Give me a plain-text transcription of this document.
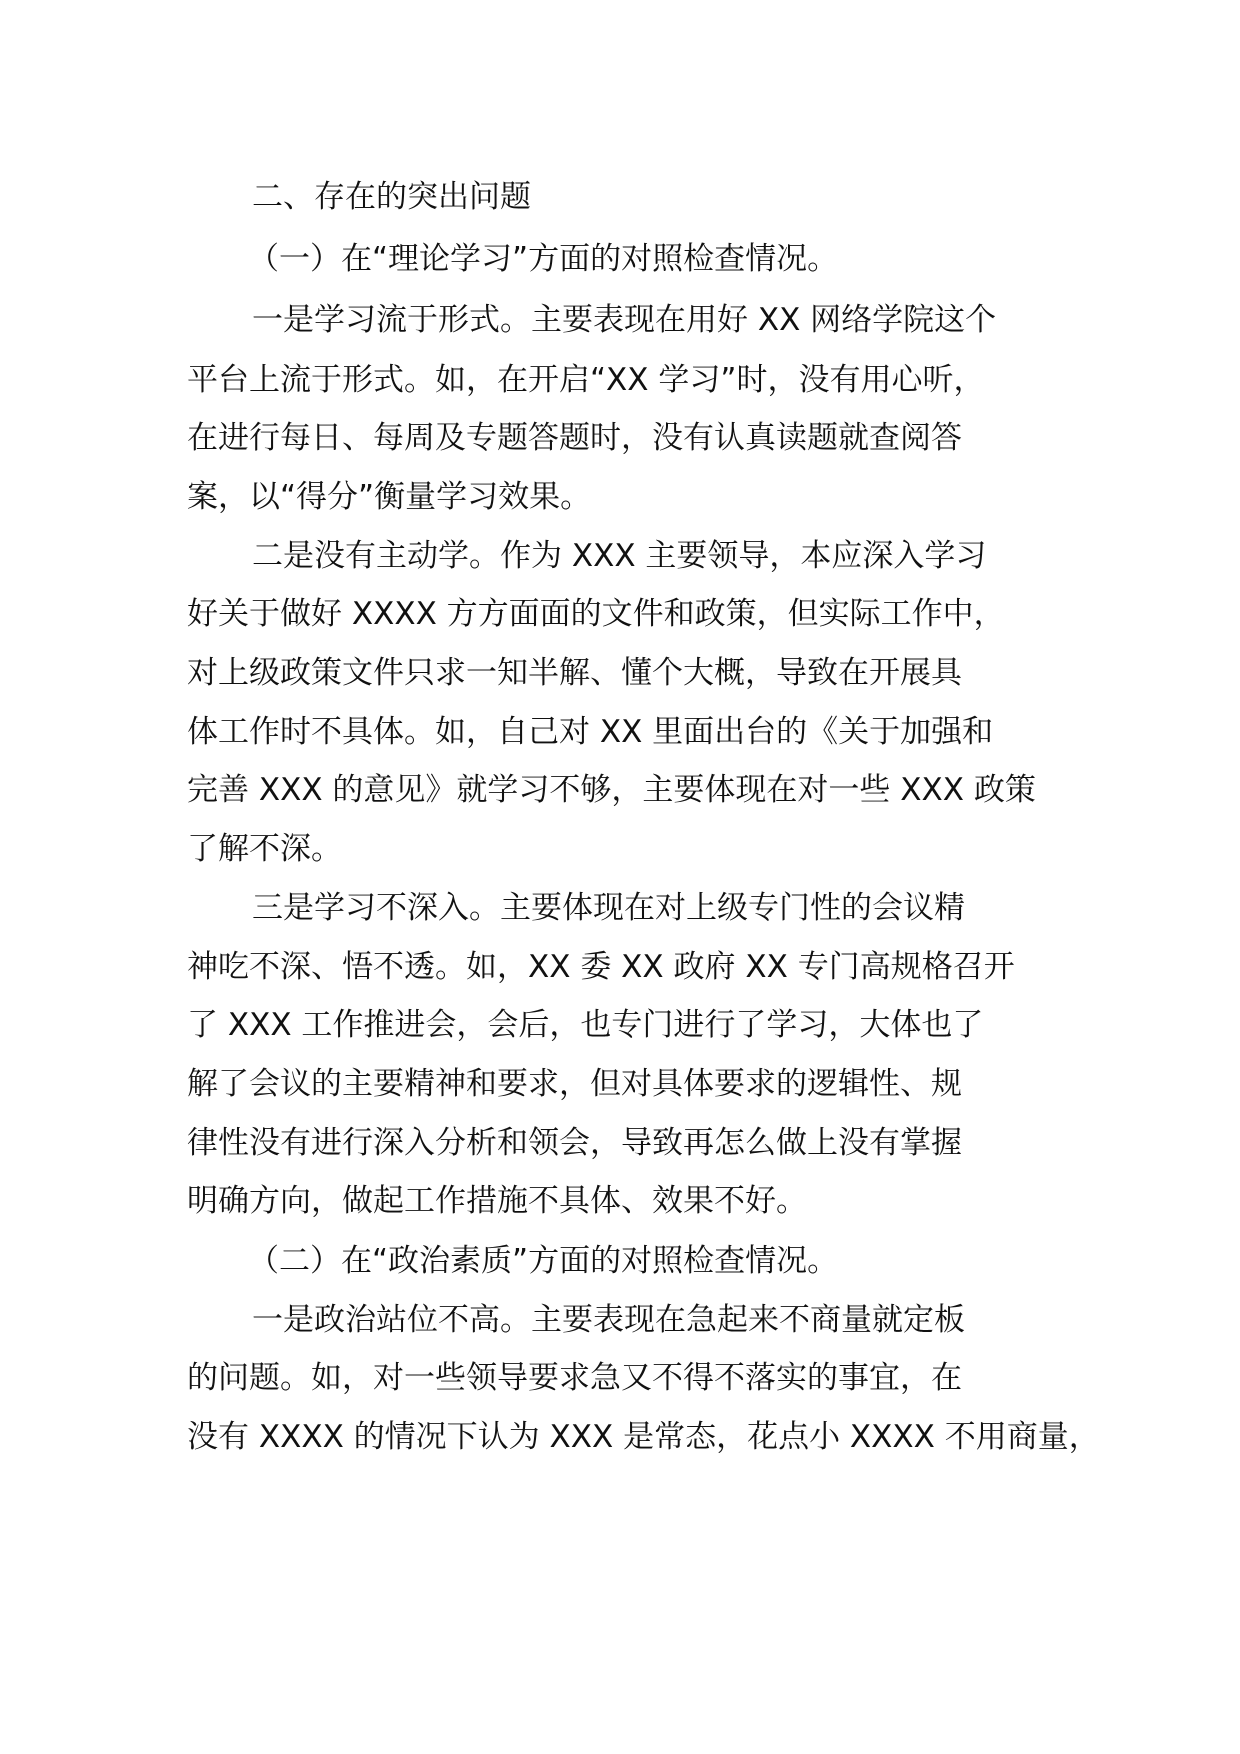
二、存在的突出问题
（一）在“理论学习”方面的对照检查情况。
一是学习流于形式。主要表现在用好 XX 网络学院这个
平台上流于形式。如，在开启“XX 学习”时，没有用心听，
在进行每日、每周及专题答题时，没有认真读题就查阅答
案，以“得分”衡量学习效果。
二是没有主动学。作为 XXX 主要领导，本应深入学习
好关于做好 XXXX 方方面面的文件和政策，但实际工作中，
对上级政策文件只求一知半解、懂个大概，导致在开展具
体工作时不具体。如，自己对 XX 里面出台的《关于加强和
完善 XXX 的意见》就学习不够，主要体现在对一些 XXX 政策
了解不深。
三是学习不深入。主要体现在对上级专门性的会议精
神吃不深、悟不透。如，XX 委 XX 政府 XX 专门高规格召开
了 XXX 工作推进会，会后，也专门进行了学习，大体也了
解了会议的主要精神和要求，但对具体要求的逻辑性、规
律性没有进行深入分析和领会，导致再怎么做上没有掌握
明确方向，做起工作措施不具体、效果不好。
（二）在“政治素质”方面的对照检查情况。
一是政治站位不高。主要表现在急起来不商量就定板
的问题。如，对一些领导要求急又不得不落实的事宜，在
没有 XXXX 的情况下认为 XXX 是常态，花点小 XXXX 不用商量，
